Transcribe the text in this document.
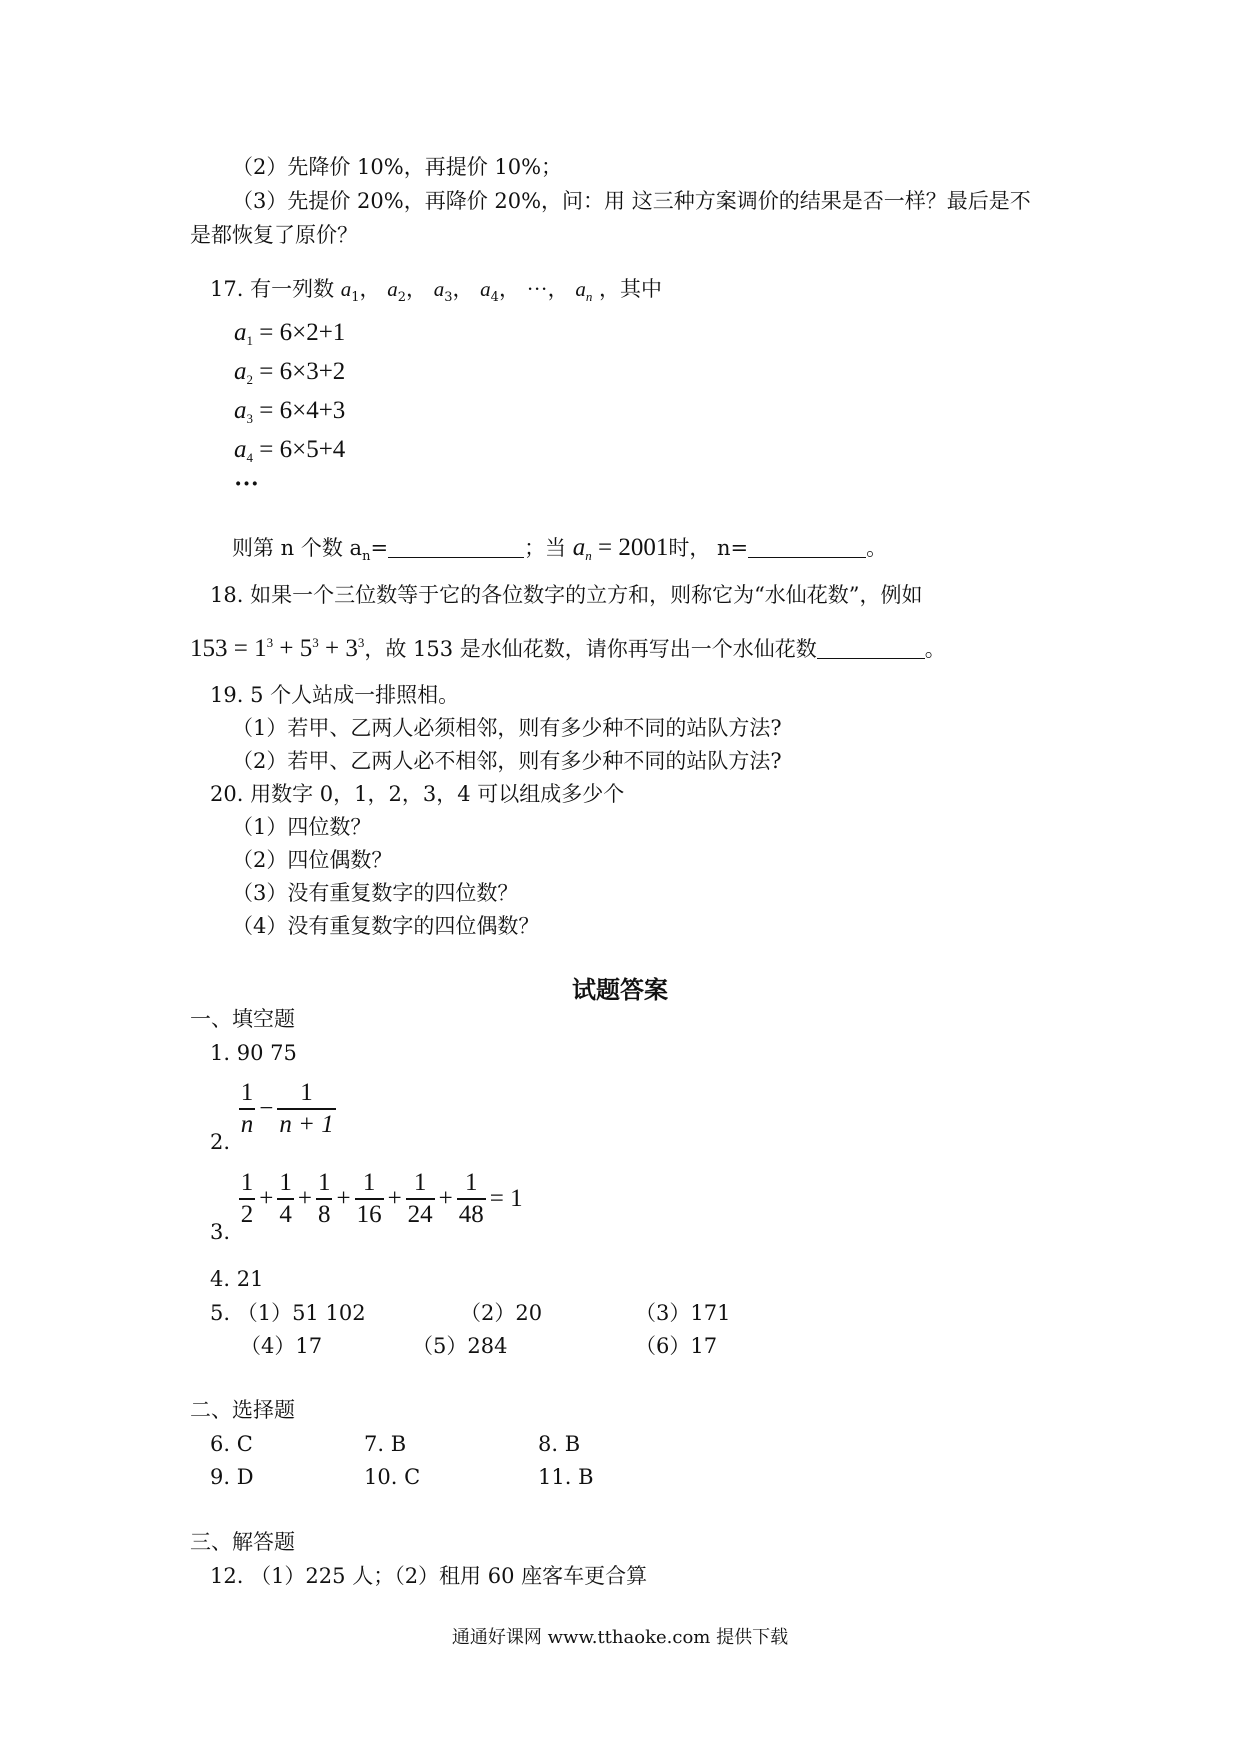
（2）先降价 10%，再提价 10%；
（3）先提价 20%，再降价 20%，问：用 这三种方案调价的结果是否一样？最后是不
是都恢复了原价？
17. 有一列数 $a_1$， $a_2$， $a_3$， $a_4$， ···， $a_n$ ，其中
$a_1 = 6\times 2+1$
$a_2 = 6\times 3+2$
$a_3 = 6\times 4+3$
$a_4 = 6\times 5+4$
···
则第 n 个数 $a_n=$	；当 $a_n = 2001$时， n=	。
18. 如果一个三位数等于它的各位数字的立方和，则称它为“水仙花数”，例如
$153 = 1^3 + 5^3 + 3^3$，故 153 是水仙花数，请你再写出一个水仙花数	。
19. 5 个人站成一排照相。
（1）若甲、乙两人必须相邻，则有多少种不同的站队方法?
（2）若甲、乙两人必不相邻，则有多少种不同的站队方法?
20. 用数字 0，1，2，3，4 可以组成多少个
（1）四位数？
（2）四位偶数？
（3）没有重复数字的四位数？
（4）没有重复数字的四位偶数？
试题答案
一、填空题
1. 90 75
2.
$\frac{1}{n} - \frac{1}{n + 1}$
3.
$\frac{1}{2} + \frac{1}{4} + \frac{1}{8} + \frac{1}{16} + \frac{1}{24} + \frac{1}{48} = 1$
4. 21
5. （1）51 102	（2）20	（3）171
（4）17	（5）284	（6）17
二、选择题
6. C	7. B	8. B
9. D	10. C	11. B
三、解答题
12. （1）225 人；（2）租用 60 座客车更合算
通通好课网 www.tthaoke.com 提供下载
